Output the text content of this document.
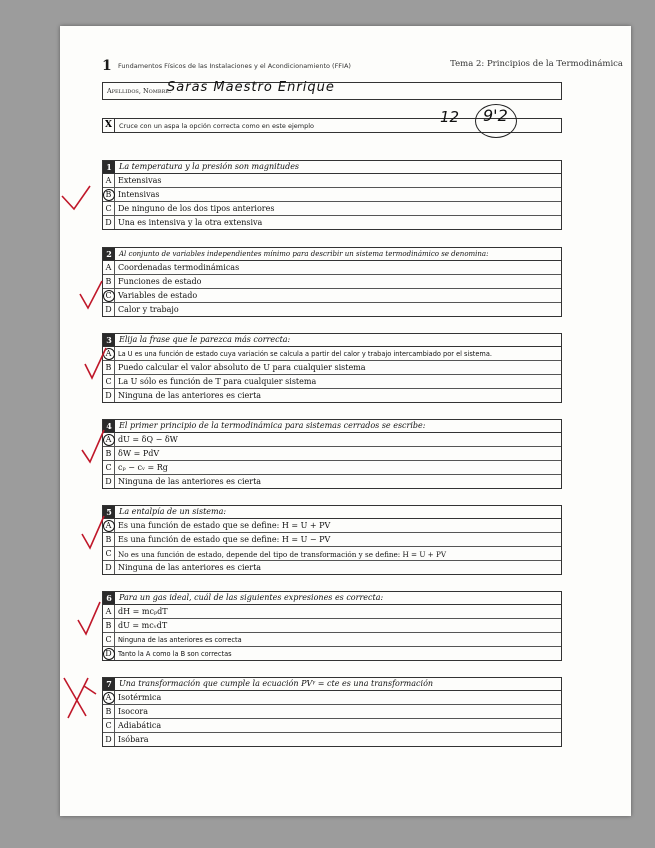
1 Fundamentos Físicos de las Instalaciones y el Acondicionamiento (FFIA)	Tema 2: Principios de la Termodinámica
Apellidos, Nombre:
Saras Maestro Enrique
X	Cruce con un aspa la opción correcta como en este ejemplo	12 9'2
1 La temperatura y la presión son magnitudes
A Extensivas
B Intensivas
C De ninguno de los dos tipos anteriores
D Una es intensiva y la otra extensiva
2	Al conjunto de variables independientes mínimo para describir un sistema termodinámico se denomina:
A Coordenadas termodinámicas
B Funciones de estado
C Variables de estado
D Calor y trabajo
3 Elija la frase que le parezca más correcta:
A	La U es una función de estado cuya variación se calcula a partir del calor y trabajo intercambiado por el sistema.
B Puedo calcular el valor absoluto de U para cualquier sistema
C La U sólo es función de T para cualquier sistema
D Ninguna de las anteriores es cierta
4 El primer principio de la termodinámica para sistemas cerrados se escribe:
A dU = δQ − δW
B δW = PdV
C cₚ − cᵥ = Rg
D Ninguna de las anteriores es cierta
5 La entalpía de un sistema:
A Es una función de estado que se define: H = U + PV
B Es una función de estado que se define: H = U − PV
C No es una función de estado, depende del tipo de transformación y se define: H = U + PV
D Ninguna de las anteriores es cierta
6 Para un gas ideal, cuál de las siguientes expresiones es correcta:
A dH = mcₚdT
B dU = mcᵥdT
C Ninguna de las anteriores es correcta
D Tanto la A como la B son correctas
7 Una transformación que cumple la ecuación PVᵞ = cte es una transformación
A Isotérmica
B Isocora
C Adiabática
D Isóbara
